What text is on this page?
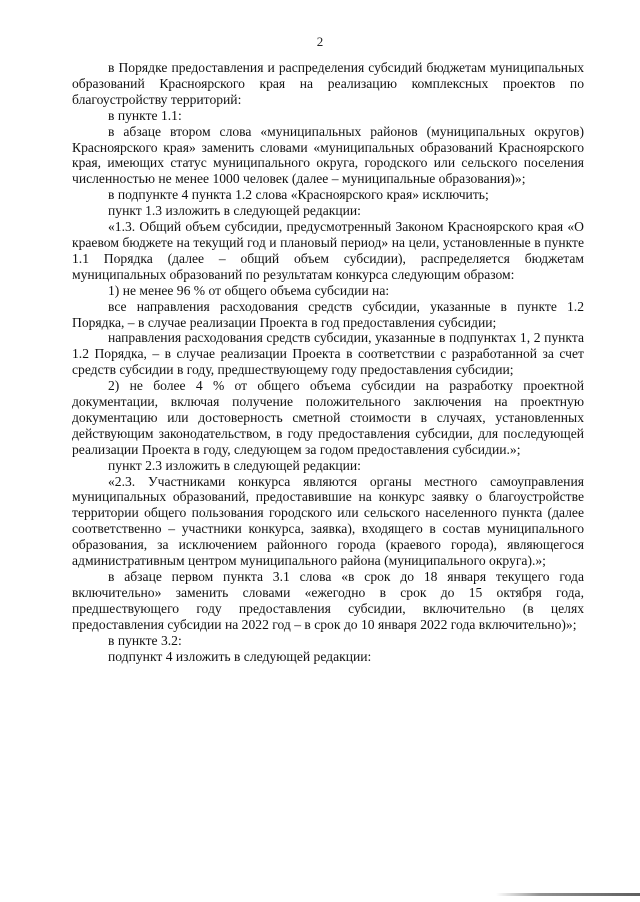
2

в Порядке предоставления и распределения субсидий бюджетам муниципальных образований Красноярского края на реализацию комплексных проектов по благоустройству территорий:

в пункте 1.1:

в абзаце втором слова «муниципальных районов (муниципальных округов) Красноярского края» заменить словами «муниципальных образований Красноярского края, имеющих статус муниципального округа, городского или сельского поселения численностью не менее 1000 человек (далее – муниципальные образования)»;

в подпункте 4 пункта 1.2 слова «Красноярского края» исключить;

пункт 1.3 изложить в следующей редакции:

«1.3. Общий объем субсидии, предусмотренный Законом Красноярского края «О краевом бюджете на текущий год и плановый период» на цели, установленные в пункте 1.1 Порядка (далее – общий объем субсидии), распределяется бюджетам муниципальных образований по результатам конкурса следующим образом:

1) не менее 96 % от общего объема субсидии на:

все направления расходования средств субсидии, указанные в пункте 1.2 Порядка, – в случае реализации Проекта в год предоставления субсидии;

направления расходования средств субсидии, указанные в подпунктах 1, 2 пункта 1.2 Порядка, – в случае реализации Проекта в соответствии с разработанной за счет средств субсидии в году, предшествующему году предоставления субсидии;

2) не более 4 % от общего объема субсидии на разработку проектной документации, включая получение положительного заключения на проектную документацию или достоверность сметной стоимости в случаях, установленных действующим законодательством, в году предоставления субсидии, для последующей реализации Проекта в году, следующем за годом предоставления субсидии.»;

пункт 2.3 изложить в следующей редакции:

«2.3. Участниками конкурса являются органы местного самоуправления муниципальных образований, предоставившие на конкурс заявку о благоустройстве территории общего пользования городского или сельского населенного пункта (далее соответственно – участники конкурса, заявка), входящего в состав муниципального образования, за исключением районного города (краевого города), являющегося административным центром муниципального района (муниципального округа).»;

в абзаце первом пункта 3.1 слова «в срок до 18 января текущего года включительно» заменить словами «ежегодно в срок до 15 октября года, предшествующего году предоставления субсидии, включительно (в целях предоставления субсидии на 2022 год – в срок до 10 января 2022 года включительно)»;

в пункте 3.2:

подпункт 4 изложить в следующей редакции:
